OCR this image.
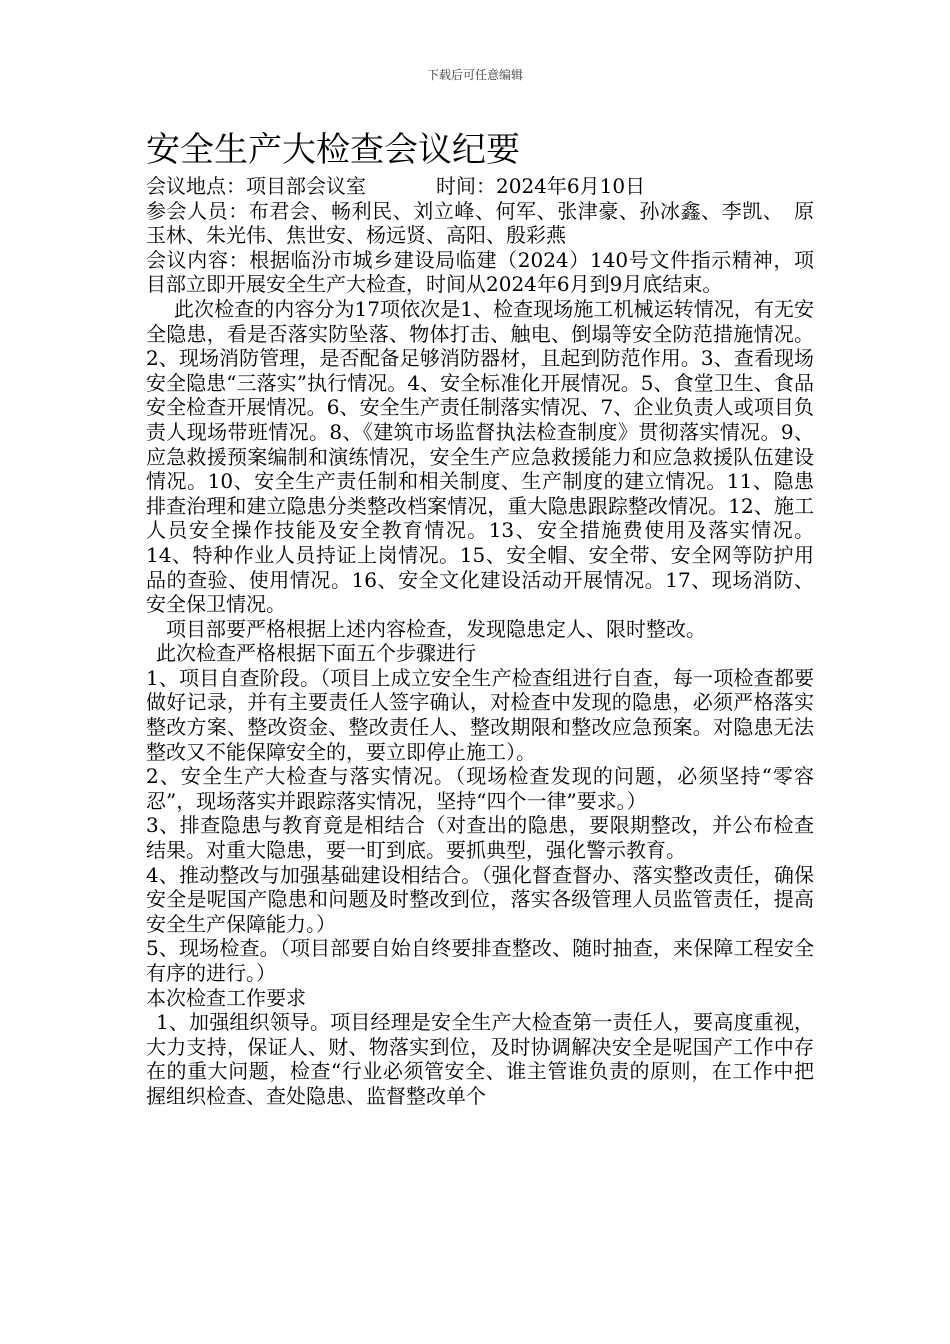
下载后可任意编辑
安全生产大检查会议纪要

会议地点：项目部会议室	时间：2024年6月10日

参会人员：布君会、畅利民、刘立峰、何军、张津豪、孙冰鑫、李凯、　原玉林、朱光伟、焦世安、杨远贤、高阳、殷彩燕

会议内容：根据临汾市城乡建设局临建（2024）140号文件指示精神，项目部立即开展安全生产大检查，时间从2024年6月到9月底结束。

此次检查的内容分为17项依次是1、检查现场施工机械运转情况，有无安全隐患，看是否落实防坠落、物体打击、触电、倒塌等安全防范措施情况。2、现场消防管理，是否配备足够消防器材，且起到防范作用。3、查看现场安全隐患“三落实”执行情况。4、安全标准化开展情况。5、食堂卫生、食品安全检查开展情况。6、安全生产责任制落实情况、7、企业负责人或项目负责人现场带班情况。8、《建筑市场监督执法检查制度》贯彻落实情况。9、应急救援预案编制和演练情况，安全生产应急救援能力和应急救援队伍建设情况。10、安全生产责任制和相关制度、生产制度的建立情况。11、隐患排查治理和建立隐患分类整改档案情况，重大隐患跟踪整改情况。12、施工人员安全操作技能及安全教育情况。13、安全措施费使用及落实情况。14、特种作业人员持证上岗情况。15、安全帽、安全带、安全网等防护用品的查验、使用情况。16、安全文化建设活动开展情况。17、现场消防、安全保卫情况。

项目部要严格根据上述内容检查，发现隐患定人、限时整改。

此次检查严格根据下面五个步骤进行

1、项目自查阶段。（项目上成立安全生产检查组进行自查，每一项检查都要做好记录，并有主要责任人签字确认，对检查中发现的隐患，必须严格落实整改方案、整改资金、整改责任人、整改期限和整改应急预案。对隐患无法整改又不能保障安全的，要立即停止施工）。

2、安全生产大检查与落实情况。（现场检查发现的问题，必须坚持“零容忍”，现场落实并跟踪落实情况，坚持“四个一律”要求。）

3、排查隐患与教育竟是相结合（对查出的隐患，要限期整改，并公布检查结果。对重大隐患，要一盯到底。要抓典型，强化警示教育。

4、推动整改与加强基础建设相结合。（强化督查督办、落实整改责任，确保安全是呢国产隐患和问题及时整改到位，落实各级管理人员监管责任，提高安全生产保障能力。）

5、现场检查。（项目部要自始自终要排查整改、随时抽查，来保障工程安全有序的进行。）

本次检查工作要求

1、加强组织领导。项目经理是安全生产大检查第一责任人，要高度重视，大力支持，保证人、财、物落实到位，及时协调解决安全是呢国产工作中存在的重大问题，检查“行业必须管安全、谁主管谁负责的原则，在工作中把握组织检查、查处隐患、监督整改单个
